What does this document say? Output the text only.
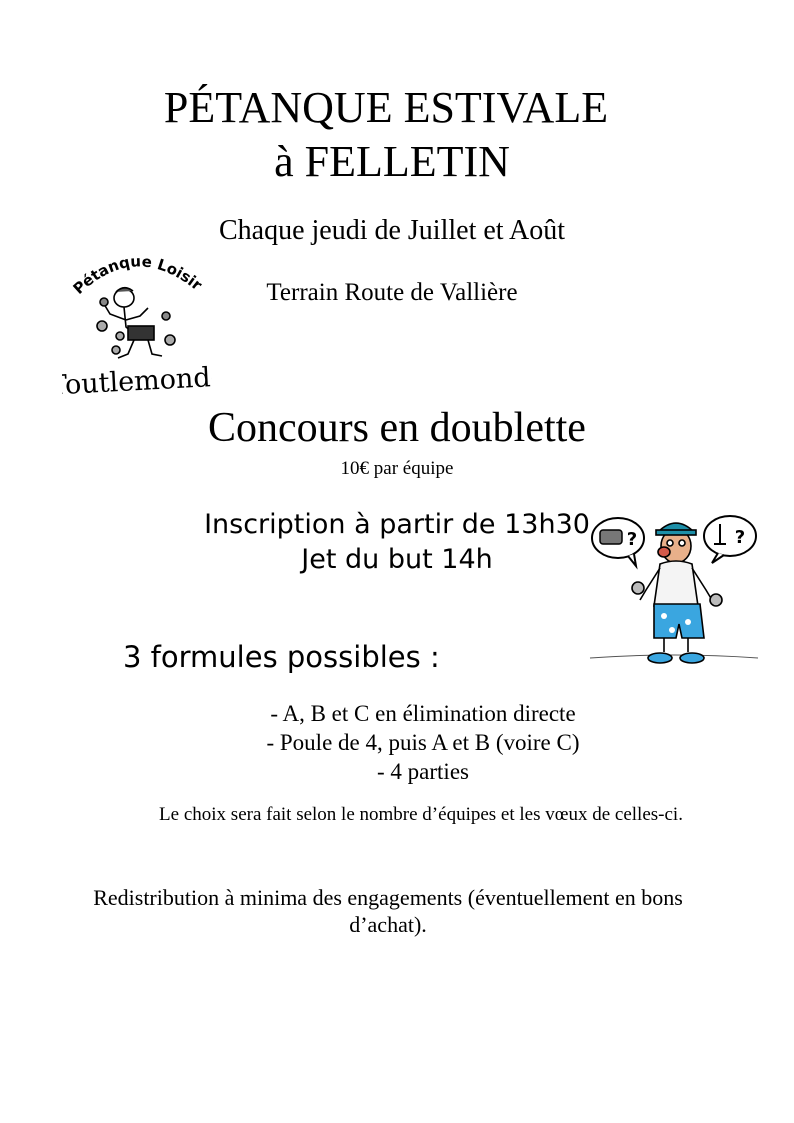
PÉTANQUE ESTIVALE
à FELLETIN
Chaque jeudi de Juillet et Août
Terrain Route de Vallière
Pétanque Loisir
Toutlemonde
Concours en doublette
10€ par équipe
Inscription à partir de 13h30
Jet du but 14h
?	?
3 formules possibles :
- A, B et C en élimination directe
- Poule de 4, puis A et B (voire C)
- 4 parties
Le choix sera fait selon le nombre d’équipes et les vœux de celles-ci.
Redistribution à minima des engagements (éventuellement en bons d’achat).
